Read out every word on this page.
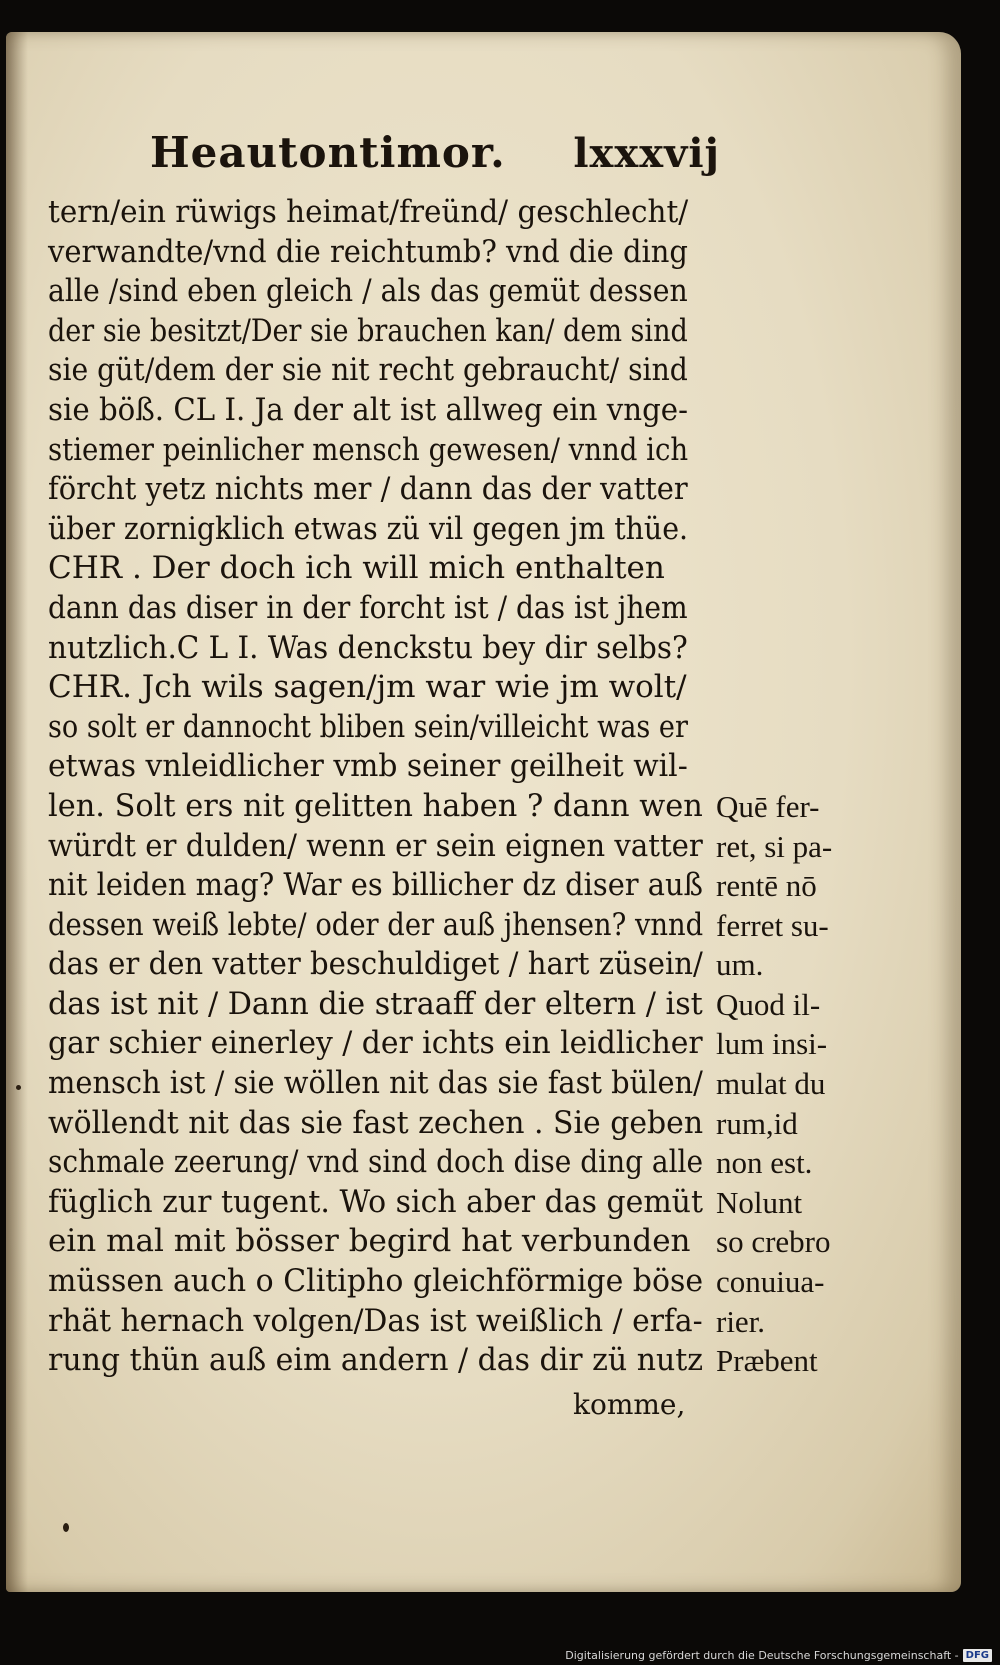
Heautontimor. lxxxvij
tern/ein rüwigs heimat/freünd/ geschlecht/
verwandte/vnd die reichtumb? vnd die ding
alle /sind eben gleich / als das gemüt dessen
der sie besitzt/Der sie brauchen kan/ dem sind
sie güt/dem der sie nit recht gebraucht/ sind
sie böß. CL I. Ja der alt ist allweg ein vnge-
stiemer peinlicher mensch gewesen/ vnnd ich
förcht yetz nichts mer / dann das der vatter
über zornigklich etwas zü vil gegen jm thüe.
CHR . Der doch ich will mich enthalten
dann das diser in der forcht ist / das ist jhem
nutzlich.C L I. Was denckstu bey dir selbs?
CHR. Jch wils sagen/jm war wie jm wolt/
so solt er dannocht bliben sein/villeicht was er
etwas vnleidlicher vmb seiner geilheit wil-
len. Solt ers nit gelitten haben ? dann wen Quē fer-
würdt er dulden/ wenn er sein eignen vatter ret, si pa-
nit leiden mag? War es billicher dz diser auß rentē nō
dessen weiß lebte/ oder der auß jhensen? vnnd ferret su-
das er den vatter beschuldiget / hart züsein/ um.
das ist nit / Dann die straaff der eltern / ist Quod il-
gar schier einerley / der ichts ein leidlicher lum insi-
mensch ist / sie wöllen nit das sie fast bülen/ mulat du
wöllendt nit das sie fast zechen . Sie geben rum,id
schmale zeerung/ vnd sind doch dise ding alle non est.
füglich zur tugent. Wo sich aber das gemüt Nolunt
ein mal mit bösser begird hat verbunden so crebro
müssen auch o Clitipho gleichförmige böse conuiua-
rhät hernach volgen/Das ist weißlich / erfa- rier.
rung thün auß eim andern / das dir zü nutz Præbent
komme,
Digitalisierung gefördert durch die Deutsche Forschungsgemeinschaft - DFG
